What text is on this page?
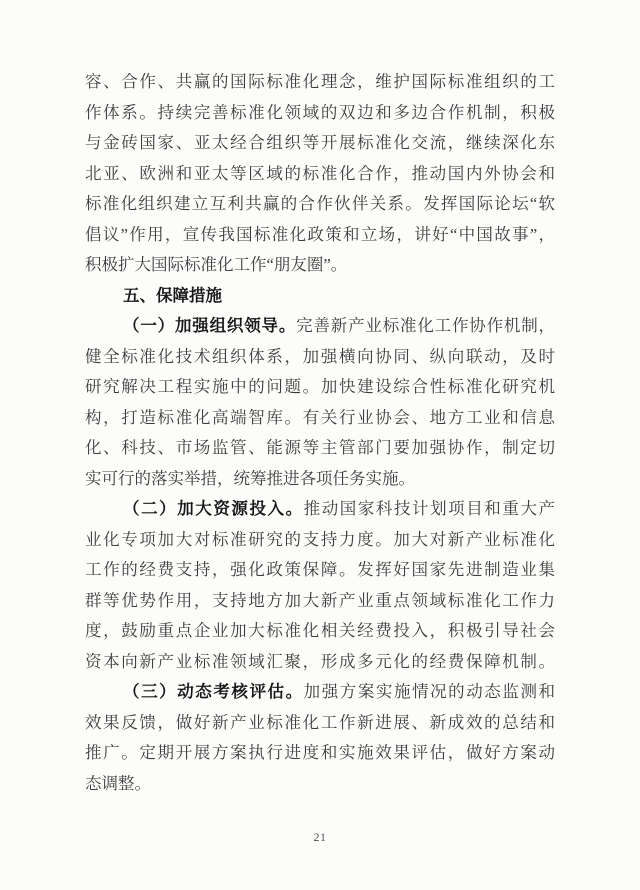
容、合作、共赢的国际标准化理念，维护国际标准组织的工
作体系。持续完善标准化领域的双边和多边合作机制，积极
与金砖国家、亚太经合组织等开展标准化交流，继续深化东
北亚、欧洲和亚太等区域的标准化合作，推动国内外协会和
标准化组织建立互利共赢的合作伙伴关系。发挥国际论坛“软
倡议”作用，宣传我国标准化政策和立场，讲好“中国故事”，
积极扩大国际标准化工作“朋友圈”。
五、保障措施
（一）加强组织领导。完善新产业标准化工作协作机制，
健全标准化技术组织体系，加强横向协同、纵向联动，及时
研究解决工程实施中的问题。加快建设综合性标准化研究机
构，打造标准化高端智库。有关行业协会、地方工业和信息
化、科技、市场监管、能源等主管部门要加强协作，制定切
实可行的落实举措，统筹推进各项任务实施。
（二）加大资源投入。推动国家科技计划项目和重大产
业化专项加大对标准研究的支持力度。加大对新产业标准化
工作的经费支持，强化政策保障。发挥好国家先进制造业集
群等优势作用，支持地方加大新产业重点领域标准化工作力
度，鼓励重点企业加大标准化相关经费投入，积极引导社会
资本向新产业标准领域汇聚，形成多元化的经费保障机制。
（三）动态考核评估。加强方案实施情况的动态监测和
效果反馈，做好新产业标准化工作新进展、新成效的总结和
推广。定期开展方案执行进度和实施效果评估，做好方案动
态调整。
21
